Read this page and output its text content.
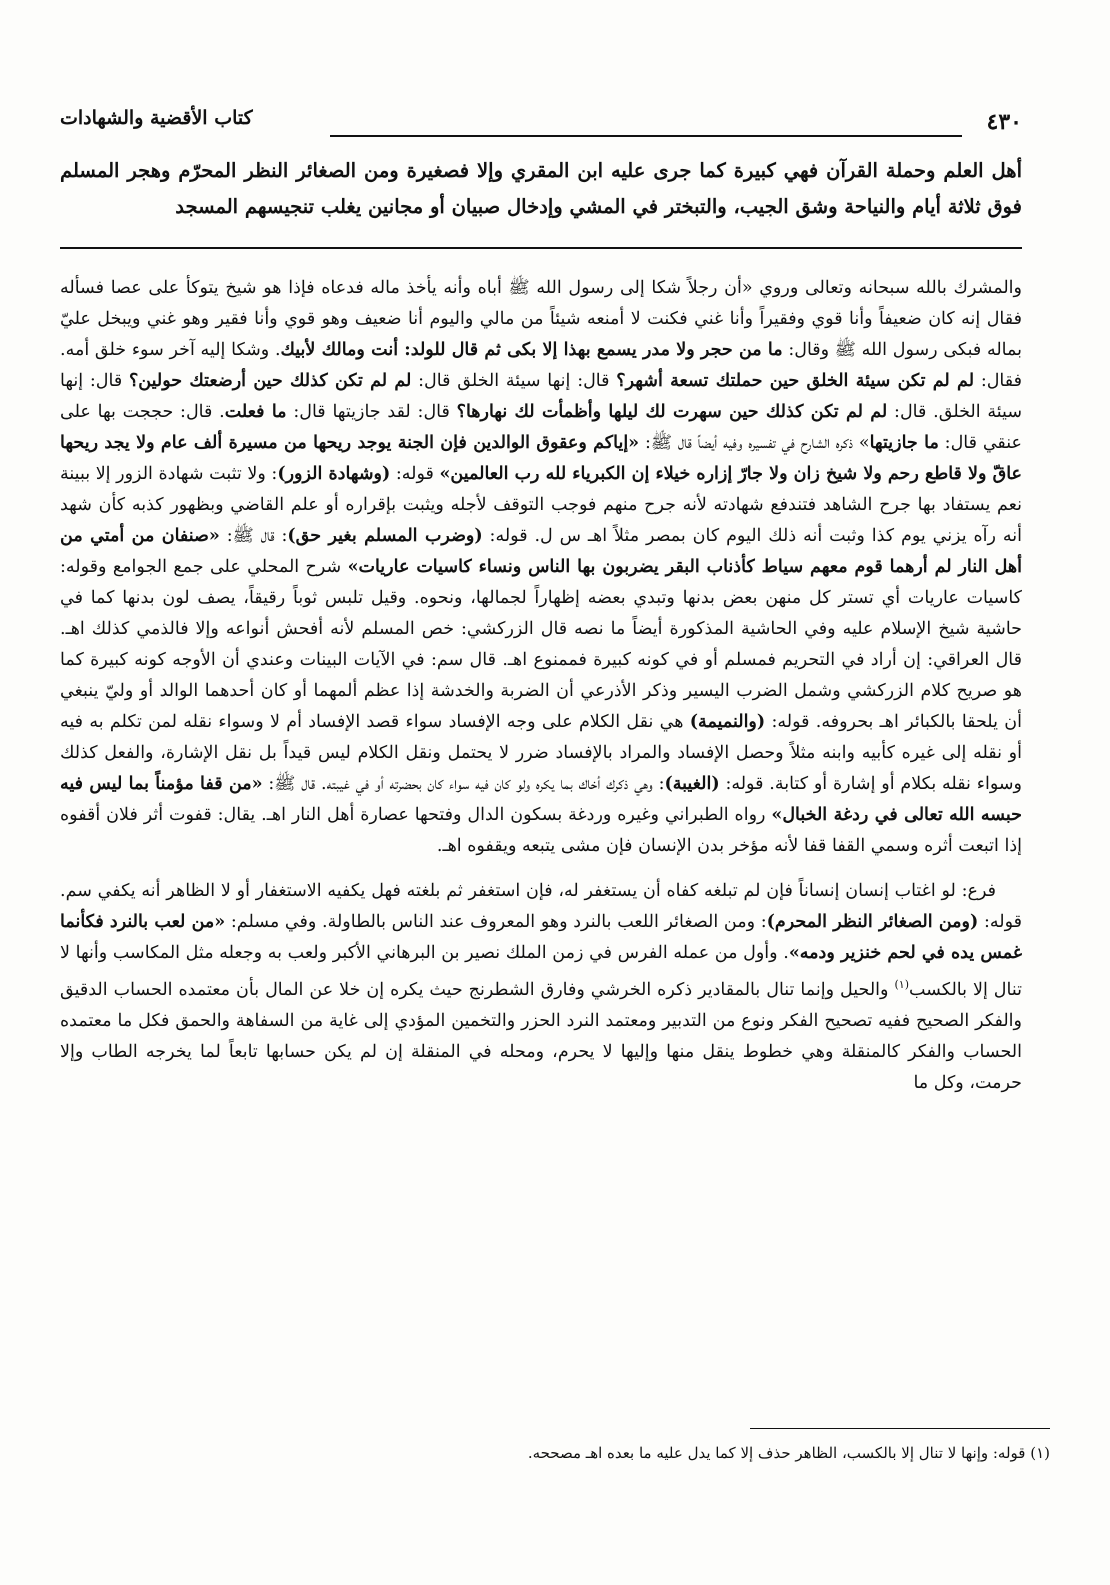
٤٣٠
كتاب الأقضية والشهادات

أهل العلم وحملة القرآن فهي كبيرة كما جرى عليه ابن المقري وإلا فصغيرة ومن الصغائر النظر المحرّم وهجر المسلم فوق ثلاثة أيام والنياحة وشق الجيب، والتبختر في المشي وإدخال صبيان أو مجانين يغلب تنجيسهم المسجد

والمشرك بالله سبحانه وتعالى وروي «أن رجلاً شكا إلى رسول الله ﷺ أباه وأنه يأخذ ماله فدعاه فإذا هو شيخ يتوكأ على عصا فسأله فقال إنه كان ضعيفاً وأنا قوي وفقيراً وأنا غني فكنت لا أمنعه شيئاً من مالي واليوم أنا ضعيف وهو قوي وأنا فقير وهو غني ويبخل عليّ بماله فبكى رسول الله ﷺ وقال: ما من حجر ولا مدر يسمع بهذا إلا بكى ثم قال للولد: أنت ومالك لأبيك. وشكا إليه آخر سوء خلق أمه. فقال: لم لم تكن سيئة الخلق حين حملتك تسعة أشهر؟ قال: إنها سيئة الخلق قال: لم لم تكن كذلك حين أرضعتك حولين؟ قال: إنها سيئة الخلق. قال: لم لم تكن كذلك حين سهرت لك ليلها وأظمأت لك نهارها؟ قال: لقد جازيتها قال: ما فعلت. قال: حججت بها على عنقي قال: ما جازيتها» ذكره الشارح في تفسيره وفيه أيضاً قال ﷺ: «إياكم وعقوق الوالدين فإن الجنة يوجد ريحها من مسيرة ألف عام ولا يجد ريحها عاقّ ولا قاطع رحم ولا شيخ زان ولا جارّ إزاره خيلاء إن الكبرياء لله رب العالمين» قوله: (وشهادة الزور): ولا تثبت شهادة الزور إلا ببينة نعم يستفاد بها جرح الشاهد فتندفع شهادته لأنه جرح منهم فوجب التوقف لأجله ويثبت بإقراره أو علم القاضي وبظهور كذبه كأن شهد أنه رآه يزني يوم كذا وثبت أنه ذلك اليوم كان بمصر مثلاً اهـ س ل. قوله: (وضرب المسلم بغير حق): قال ﷺ: «صنفان من أمتي من أهل النار لم أرهما قوم معهم سياط كأذناب البقر يضربون بها الناس ونساء كاسيات عاريات» شرح المحلي على جمع الجوامع وقوله: كاسيات عاريات أي تستر كل منهن بعض بدنها وتبدي بعضه إظهاراً لجمالها، ونحوه. وقيل تلبس ثوباً رقيقاً، يصف لون بدنها كما في حاشية شيخ الإسلام عليه وفي الحاشية المذكورة أيضاً ما نصه قال الزركشي: خص المسلم لأنه أفحش أنواعه وإلا فالذمي كذلك اهـ. قال العراقي: إن أراد في التحريم فمسلم أو في كونه كبيرة فممنوع اهـ. قال سم: في الآيات البينات وعندي أن الأوجه كونه كبيرة كما هو صريح كلام الزركشي وشمل الضرب اليسير وذكر الأذرعي أن الضربة والخدشة إذا عظم ألمهما أو كان أحدهما الوالد أو وليّ ينبغي أن يلحقا بالكبائر اهـ بحروفه. قوله: (والنميمة) هي نقل الكلام على وجه الإفساد سواء قصد الإفساد أم لا وسواء نقله لمن تكلم به فيه أو نقله إلى غيره كأبيه وابنه مثلاً وحصل الإفساد والمراد بالإفساد ضرر لا يحتمل ونقل الكلام ليس قيداً بل نقل الإشارة، والفعل كذلك وسواء نقله بكلام أو إشارة أو كتابة. قوله: (الغيبة): وهي ذكرك أخاك بما يكره ولو كان فيه سواء كان بحضرته أو في غيبته. قال ﷺ: «من قفا مؤمناً بما ليس فيه حبسه الله تعالى في ردغة الخبال» رواه الطبراني وغيره وردغة بسكون الدال وفتحها عصارة أهل النار اهـ. يقال: قفوت أثر فلان أقفوه إذا اتبعت أثره وسمي القفا قفا لأنه مؤخر بدن الإنسان فإن مشى يتبعه ويقفوه اهـ.

فرع: لو اغتاب إنسان إنساناً فإن لم تبلغه كفاه أن يستغفر له، فإن استغفر ثم بلغته فهل يكفيه الاستغفار أو لا الظاهر أنه يكفي سم. قوله: (ومن الصغائر النظر المحرم): ومن الصغائر اللعب بالنرد وهو المعروف عند الناس بالطاولة. وفي مسلم: «من لعب بالنرد فكأنما غمس يده في لحم خنزير ودمه». وأول من عمله الفرس في زمن الملك نصير بن البرهاني الأكبر ولعب به وجعله مثل المكاسب وأنها لا تنال إلا بالكسب$^{(١)}$ والحيل وإنما تنال بالمقادير ذكره الخرشي وفارق الشطرنج حيث يكره إن خلا عن المال بأن معتمده الحساب الدقيق والفكر الصحيح ففيه تصحيح الفكر ونوع من التدبير ومعتمد النرد الحزر والتخمين المؤدي إلى غاية من السفاهة والحمق فكل ما معتمده الحساب والفكر كالمنقلة وهي خطوط ينقل منها وإليها لا يحرم، ومحله في المنقلة إن لم يكن حسابها تابعاً لما يخرجه الطاب وإلا حرمت، وكل ما

(١) قوله: وإنها لا تنال إلا بالكسب، الظاهر حذف إلا كما يدل عليه ما بعده اهـ مصححه.
